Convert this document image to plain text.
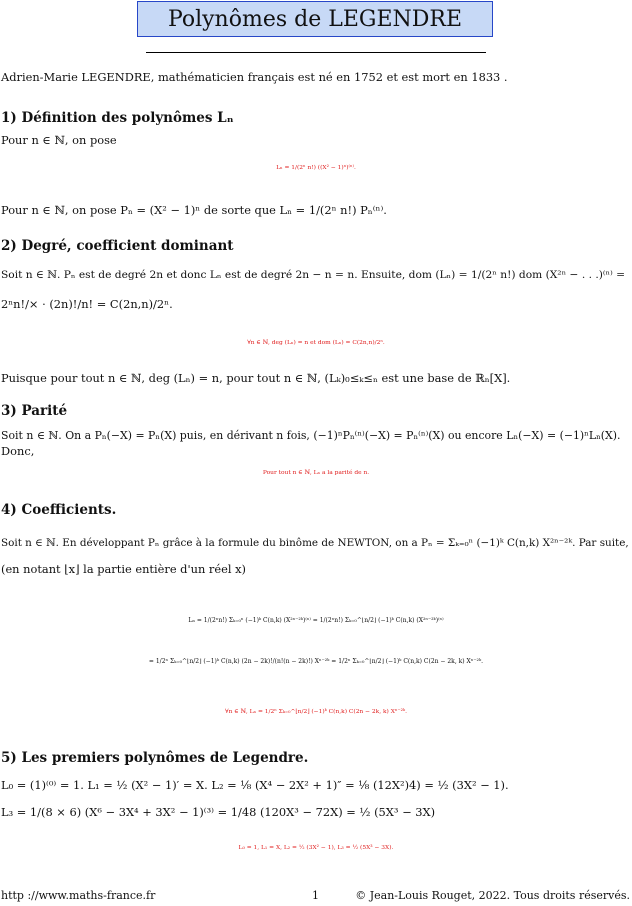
Polynômes de LEGENDRE
Adrien-Marie LEGENDRE, mathématicien français est né en 1752 et est mort en 1833 .
1) Définition des polynômes Lₙ
Pour n ∈ ℕ, on pose
Lₙ = 1/(2ⁿ n!) ((X² − 1)ⁿ)⁽ⁿ⁾.
Pour n ∈ ℕ, on pose Pₙ = (X² − 1)ⁿ de sorte que Lₙ = 1/(2ⁿ n!) Pₙ⁽ⁿ⁾.
2) Degré, coefficient dominant
Soit n ∈ ℕ. Pₙ est de degré 2n et donc Lₙ est de degré 2n − n = n. Ensuite, dom (Lₙ) = 1/(2ⁿ n!) dom (X²ⁿ − . . .)⁽ⁿ⁾ =
2ⁿn!/× · (2n)!/n! = C(2n,n)/2ⁿ.
∀n ∈ ℕ, deg (Lₙ) = n et dom (Lₙ) = C(2n,n)/2ⁿ.
Puisque pour tout n ∈ ℕ, deg (Lₙ) = n, pour tout n ∈ ℕ, (Lₖ)₀≤ₖ≤ₙ est une base de ℝₙ[X].
3) Parité
Soit n ∈ ℕ. On a Pₙ(−X) = Pₙ(X) puis, en dérivant n fois, (−1)ⁿPₙ⁽ⁿ⁾(−X) = Pₙ⁽ⁿ⁾(X) ou encore Lₙ(−X) = (−1)ⁿLₙ(X).
Donc,
Pour tout n ∈ ℕ, Lₙ a la parité de n.
4) Coefficients.
Soit n ∈ ℕ. En développant Pₙ grâce à la formule du binôme de NEWTON, on a Pₙ = Σₖ₌₀ⁿ (−1)ᵏ C(n,k) X²ⁿ⁻²ᵏ. Par suite,
(en notant ⌊x⌋ la partie entière d'un réel x)
Lₙ = 1/(2ⁿn!) Σₖ₌₀ⁿ (−1)ᵏ C(n,k) (X²ⁿ⁻²ᵏ)⁽ⁿ⁾ = 1/(2ⁿn!) Σₖ₌₀^⌊n/2⌋ (−1)ᵏ C(n,k) (X²ⁿ⁻²ᵏ)⁽ⁿ⁾
= 1/2ⁿ Σₖ₌₀^⌊n/2⌋ (−1)ᵏ C(n,k) (2n − 2k)!/(n!(n − 2k)!) Xⁿ⁻²ᵏ = 1/2ⁿ Σₖ₌₀^⌊n/2⌋ (−1)ᵏ C(n,k) C(2n − 2k, k) Xⁿ⁻²ᵏ.
∀n ∈ ℕ, Lₙ = 1/2ⁿ Σₖ₌₀^⌊n/2⌋ (−1)ᵏ C(n,k) C(2n − 2k, k) Xⁿ⁻²ᵏ.
5) Les premiers polynômes de Legendre.
L₀ = (1)⁽⁰⁾ = 1. L₁ = ½ (X² − 1)′ = X. L₂ = ⅛ (X⁴ − 2X² + 1)″ = ⅛ (12X²)4) = ½ (3X² − 1).
L₃ = 1/(8 × 6) (X⁶ − 3X⁴ + 3X² − 1)⁽³⁾ = 1/48 (120X³ − 72X) = ½ (5X³ − 3X)
L₀ = 1, L₁ = X, L₂ = ½ (3X² − 1), L₃ = ½ (5X³ − 3X).
http ://www.maths-france.fr	1	© Jean-Louis Rouget, 2022. Tous droits réservés.
